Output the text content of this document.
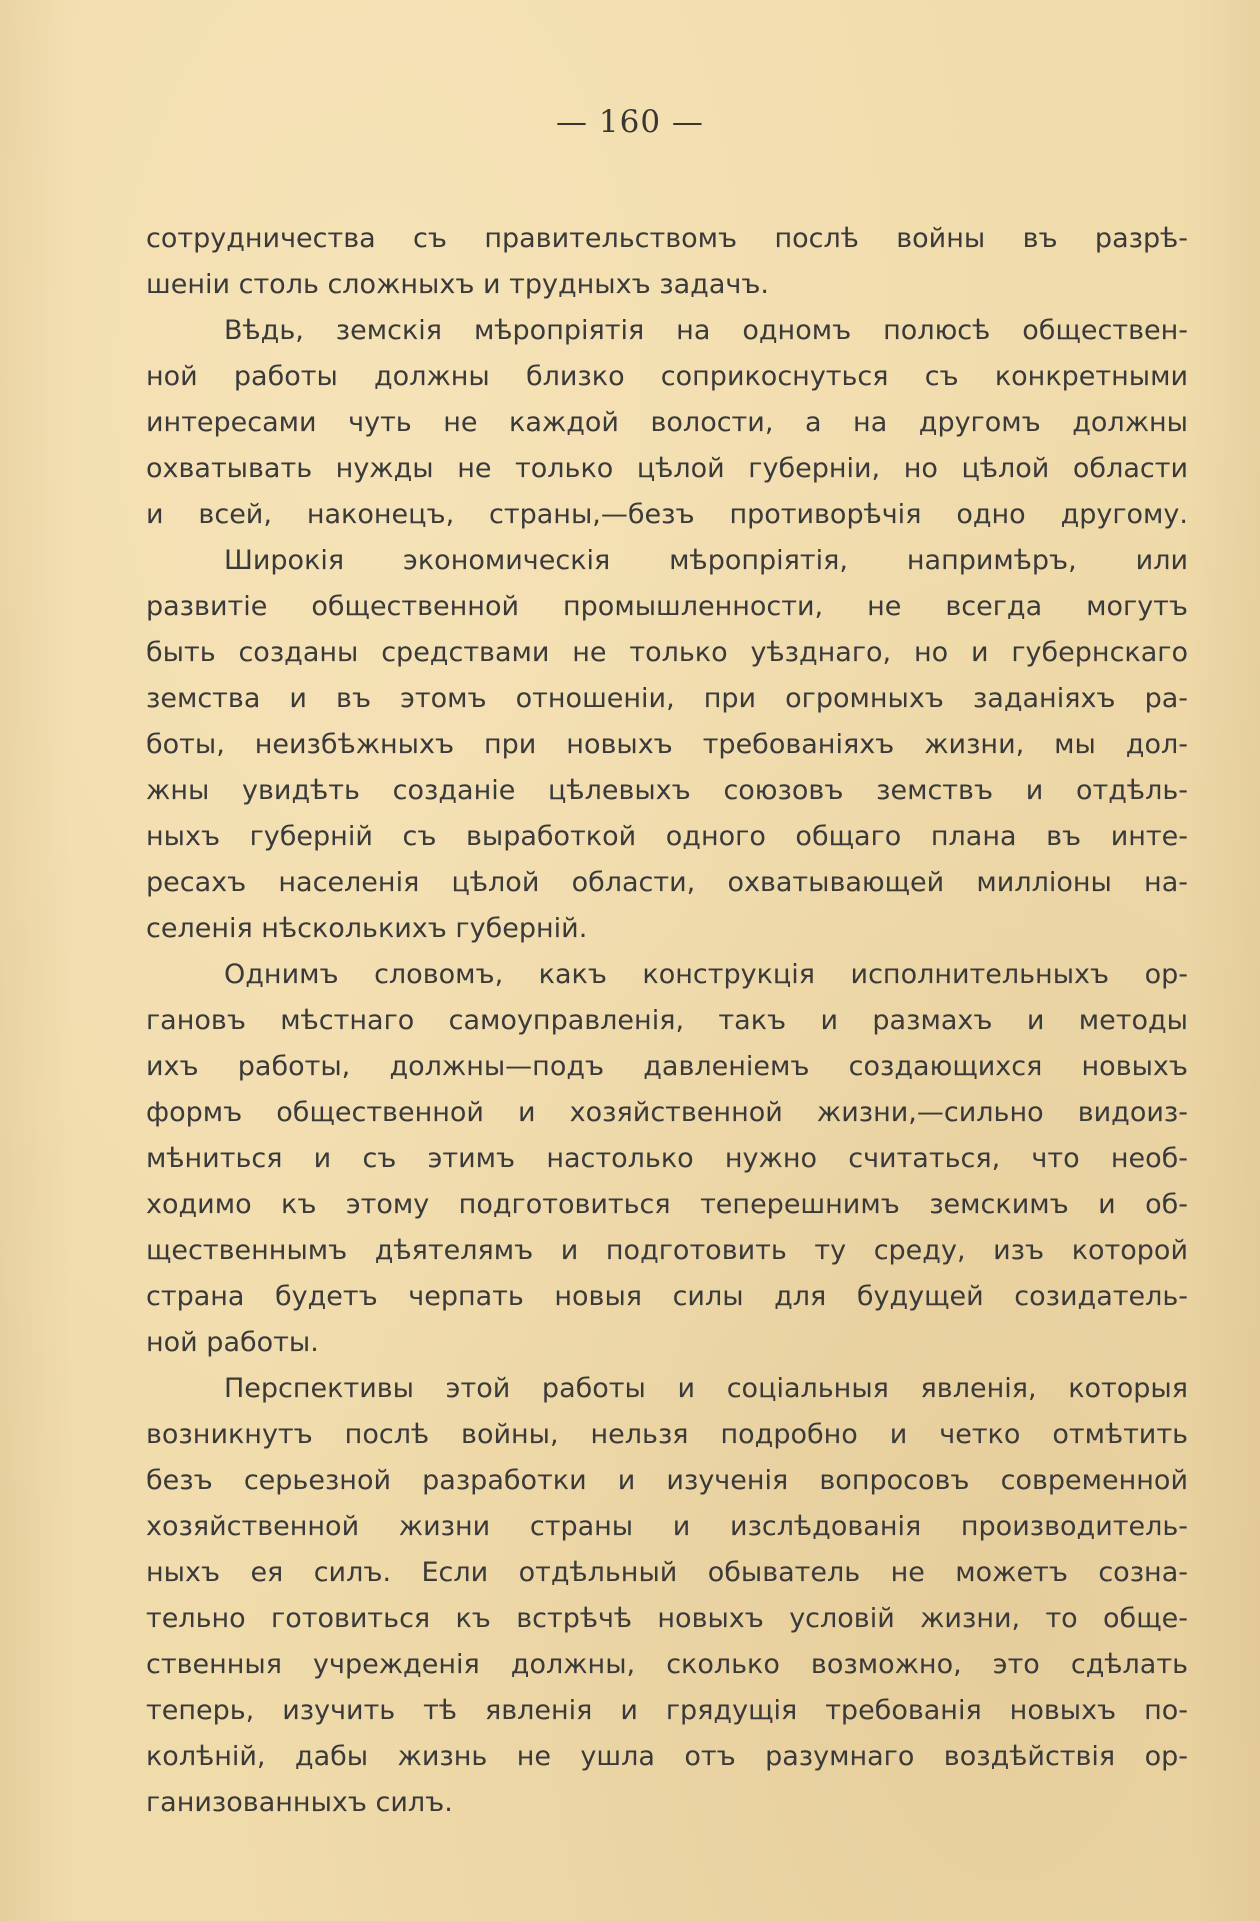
— 160 —
сотрудничества съ правительствомъ послѣ войны въ разрѣ-
шеніи столь сложныхъ и трудныхъ задачъ.
Вѣдь, земскія мѣропріятія на одномъ полюсѣ обществен-
ной работы должны близко соприкоснуться съ конкретными
интересами чуть не каждой волости, а на другомъ должны
охватывать нужды не только цѣлой губерніи, но цѣлой области
и всей, наконецъ, страны,—безъ противорѣчія одно другому.
Широкія экономическія мѣропріятія, напримѣръ, или
развитіе общественной промышленности, не всегда могутъ
быть созданы средствами не только уѣзднаго, но и губернскаго
земства и въ этомъ отношеніи, при огромныхъ заданіяхъ ра-
боты, неизбѣжныхъ при новыхъ требованіяхъ жизни, мы дол-
жны увидѣть созданіе цѣлевыхъ союзовъ земствъ и отдѣль-
ныхъ губерній съ выработкой одного общаго плана въ инте-
ресахъ населенія цѣлой области, охватывающей милліоны на-
селенія нѣсколькихъ губерній.
Однимъ словомъ, какъ конструкція исполнительныхъ ор-
гановъ мѣстнаго самоуправленія, такъ и размахъ и методы
ихъ работы, должны—подъ давленіемъ создающихся новыхъ
формъ общественной и хозяйственной жизни,—сильно видоиз-
мѣниться и съ этимъ настолько нужно считаться, что необ-
ходимо къ этому подготовиться теперешнимъ земскимъ и об-
щественнымъ дѣятелямъ и подготовить ту среду, изъ которой
страна будетъ черпать новыя силы для будущей созидатель-
ной работы.
Перспективы этой работы и соціальныя явленія, которыя
возникнутъ послѣ войны, нельзя подробно и четко отмѣтить
безъ серьезной разработки и изученія вопросовъ современной
хозяйственной жизни страны и изслѣдованія производитель-
ныхъ ея силъ. Если отдѣльный обыватель не можетъ созна-
тельно готовиться къ встрѣчѣ новыхъ условій жизни, то обще-
ственныя учрежденія должны, сколько возможно, это сдѣлать
теперь, изучить тѣ явленія и грядущія требованія новыхъ по-
колѣній, дабы жизнь не ушла отъ разумнаго воздѣйствія ор-
ганизованныхъ силъ.
